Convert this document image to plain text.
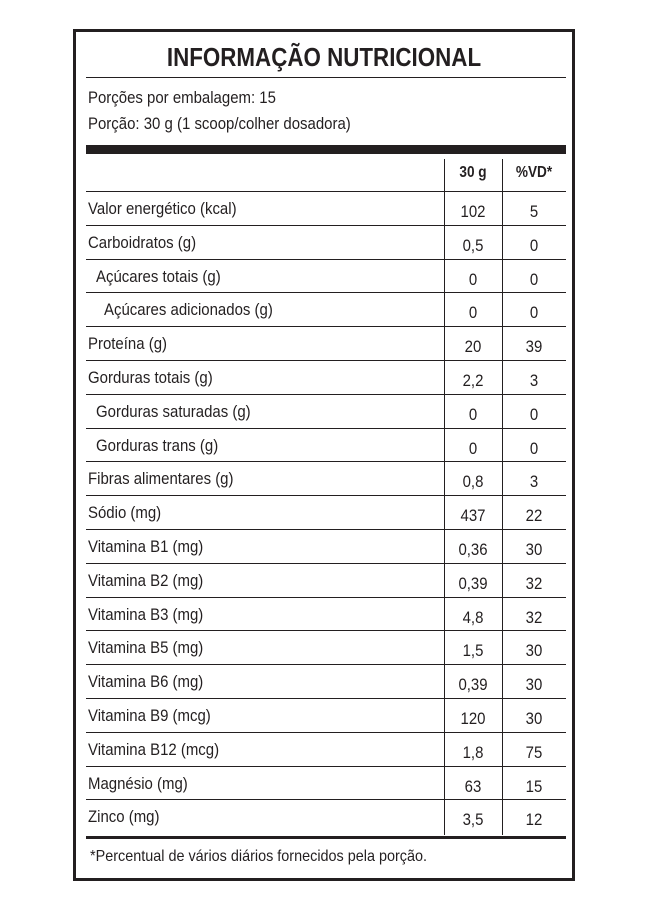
INFORMAÇÃO NUTRICIONAL
Porções por embalagem: 15
Porção: 30 g (1 scoop/colher dosadora)
30 g	%VD*
Valor energético (kcal)	102	5
Carboidratos (g)	0,5	0
Açúcares totais (g)	0	0
Açúcares adicionados (g)	0	0
Proteína (g)	20	39
Gorduras totais (g)	2,2	3
Gorduras saturadas (g)	0	0
Gorduras trans (g)	0	0
Fibras alimentares (g)	0,8	3
Sódio (mg)	437	22
Vitamina B1 (mg)	0,36	30
Vitamina B2 (mg)	0,39	32
Vitamina B3 (mg)	4,8	32
Vitamina B5 (mg)	1,5	30
Vitamina B6 (mg)	0,39	30
Vitamina B9 (mcg)	120	30
Vitamina B12 (mcg)	1,8	75
Magnésio (mg)	63	15
Zinco (mg)	3,5	12
*Percentual de vários diários fornecidos pela porção.
